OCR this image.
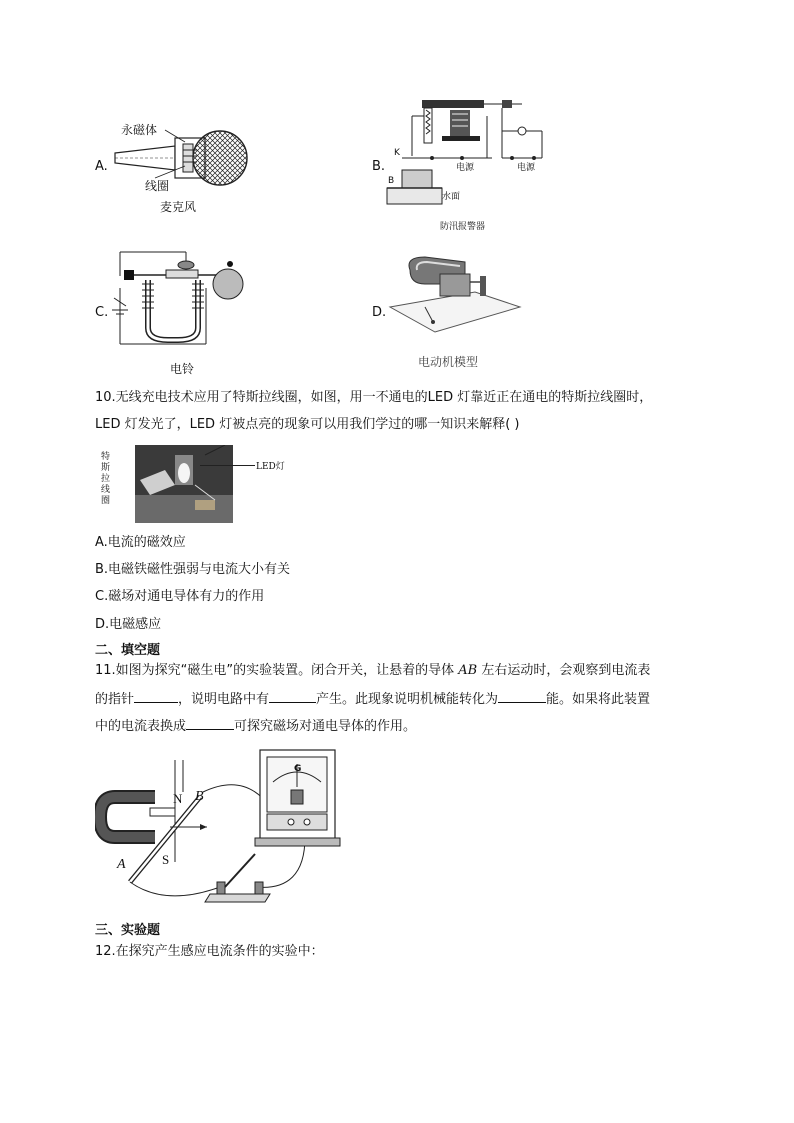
A.
永磁体
线圈
麦克风
B.
K
B
电源	电源
水面
防汛报警器
C.
电铃
D.
电动机模型
10.无线充电技术应用了特斯拉线圈，如图，用一不通电的LED 灯靠近正在通电的特斯拉线圈时，
LED 灯发光了，LED 灯被点亮的现象可以用我们学过的哪一知识来解释( )
特斯拉线圈
LED灯
A.电流的磁效应
B.电磁铁磁性强弱与电流大小有关
C.磁场对通电导体有力的作用
D.电磁感应
二、填空题
11.如图为探究“磁生电”的实验装置。闭合开关，让悬着的导体 AB 左右运动时，会观察到电流表
的指针	，说明电路中有	产生。此现象说明机械能转化为	能。如果将此装置
中的电流表换成	可探究磁场对通电导体的作用。
N B
A	S
G
三、实验题
12.在探究产生感应电流条件的实验中：
